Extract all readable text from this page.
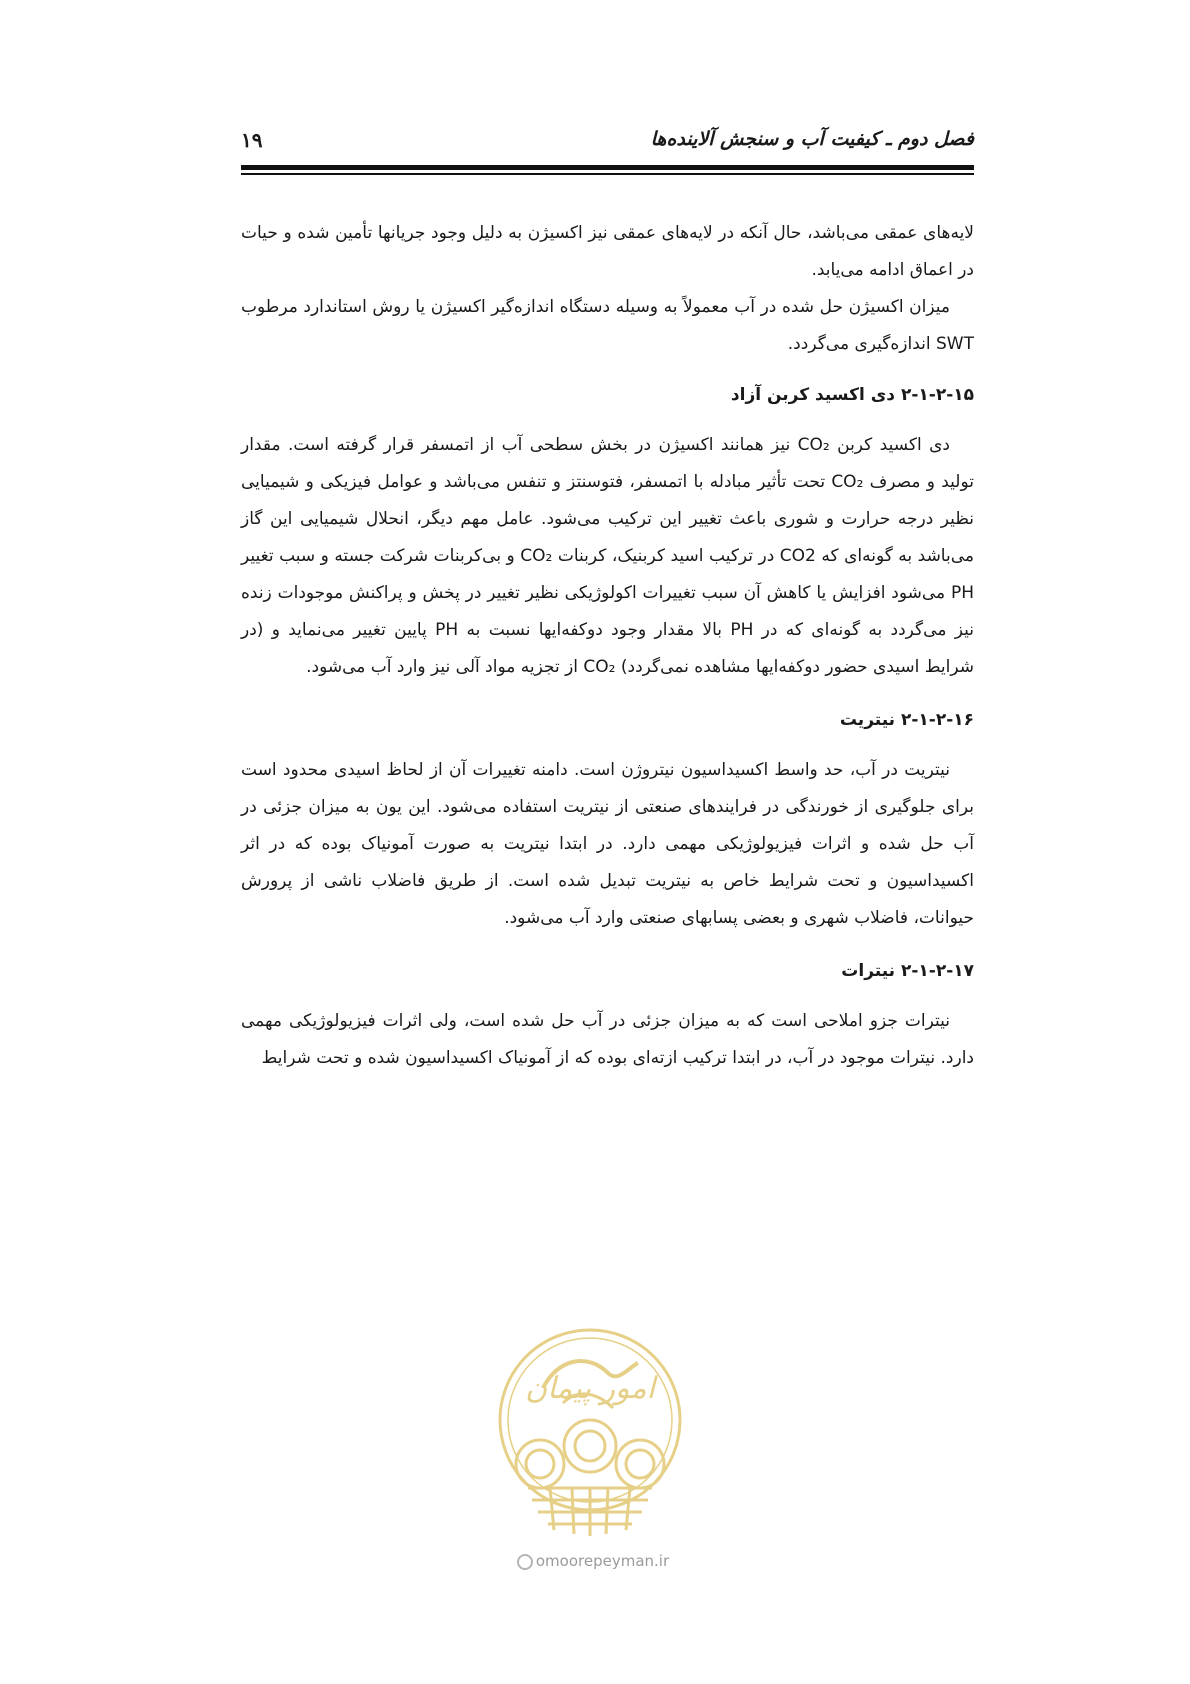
فصل دوم ـ کیفیت آب و سنجش آلاینده‌ها
۱۹

لایه‌های عمقی می‌باشد، حال آنکه در لایه‌های عمقی نیز اکسیژن به دلیل وجود جریانها تأمین شده و حیات در اعماق ادامه می‌یابد.

میزان اکسیژن حل شده در آب معمولاً به وسیله دستگاه اندازه‌گیر اکسیژن یا روش استاندارد مرطوب SWT اندازه‌گیری می‌گردد.

۲-۱-۲-۱۵ دی اکسید کربن آزاد

دی اکسید کربن CO₂ نیز همانند اکسیژن در بخش سطحی آب از اتمسفر قرار گرفته است. مقدار تولید و مصرف CO₂ تحت تأثیر مبادله با اتمسفر، فتوسنتز و تنفس می‌باشد و عوامل فیزیکی و شیمیایی نظیر درجه حرارت و شوری باعث تغییر این ترکیب می‌شود. عامل مهم دیگر، انحلال شیمیایی این گاز می‌باشد به گونه‌ای که CO2 در ترکیب اسید کربنیک، کربنات CO₂ و بی‌کربنات شرکت جسته و سبب تغییر PH می‌شود افزایش یا کاهش آن سبب تغییرات اکولوژیکی نظیر تغییر در پخش و پراکنش موجودات زنده نیز می‌گردد به گونه‌ای که در PH بالا مقدار وجود دوکفه‌ایها نسبت به PH پایین تغییر می‌نماید و (در شرایط اسیدی حضور دوکفه‌ایها مشاهده نمی‌گردد) CO₂ از تجزیه مواد آلی نیز وارد آب می‌شود.

۲-۱-۲-۱۶ نیتریت

نیتریت در آب، حد واسط اکسیداسیون نیتروژن است. دامنه تغییرات آن از لحاظ اسیدی محدود است برای جلوگیری از خورندگی در فرایندهای صنعتی از نیتریت استفاده می‌شود. این یون به میزان جزئی در آب حل شده و اثرات فیزیولوژیکی مهمی دارد. در ابتدا نیتریت به صورت آمونیاک بوده که در اثر اکسیداسیون و تحت شرایط خاص به نیتریت تبدیل شده است. از طریق فاضلاب ناشی از پرورش حیوانات، فاضلاب شهری و بعضی پسابهای صنعتی وارد آب می‌شود.

۲-۱-۲-۱۷ نیترات

نیترات جزو املاحی است که به میزان جزئی در آب حل شده است، ولی اثرات فیزیولوژیکی مهمی دارد. نیترات موجود در آب، در ابتدا ترکیب ازته‌ای بوده که از آمونیاک اکسیداسیون شده و تحت شرایط

امور پیمان
omoorepeyman.ir
